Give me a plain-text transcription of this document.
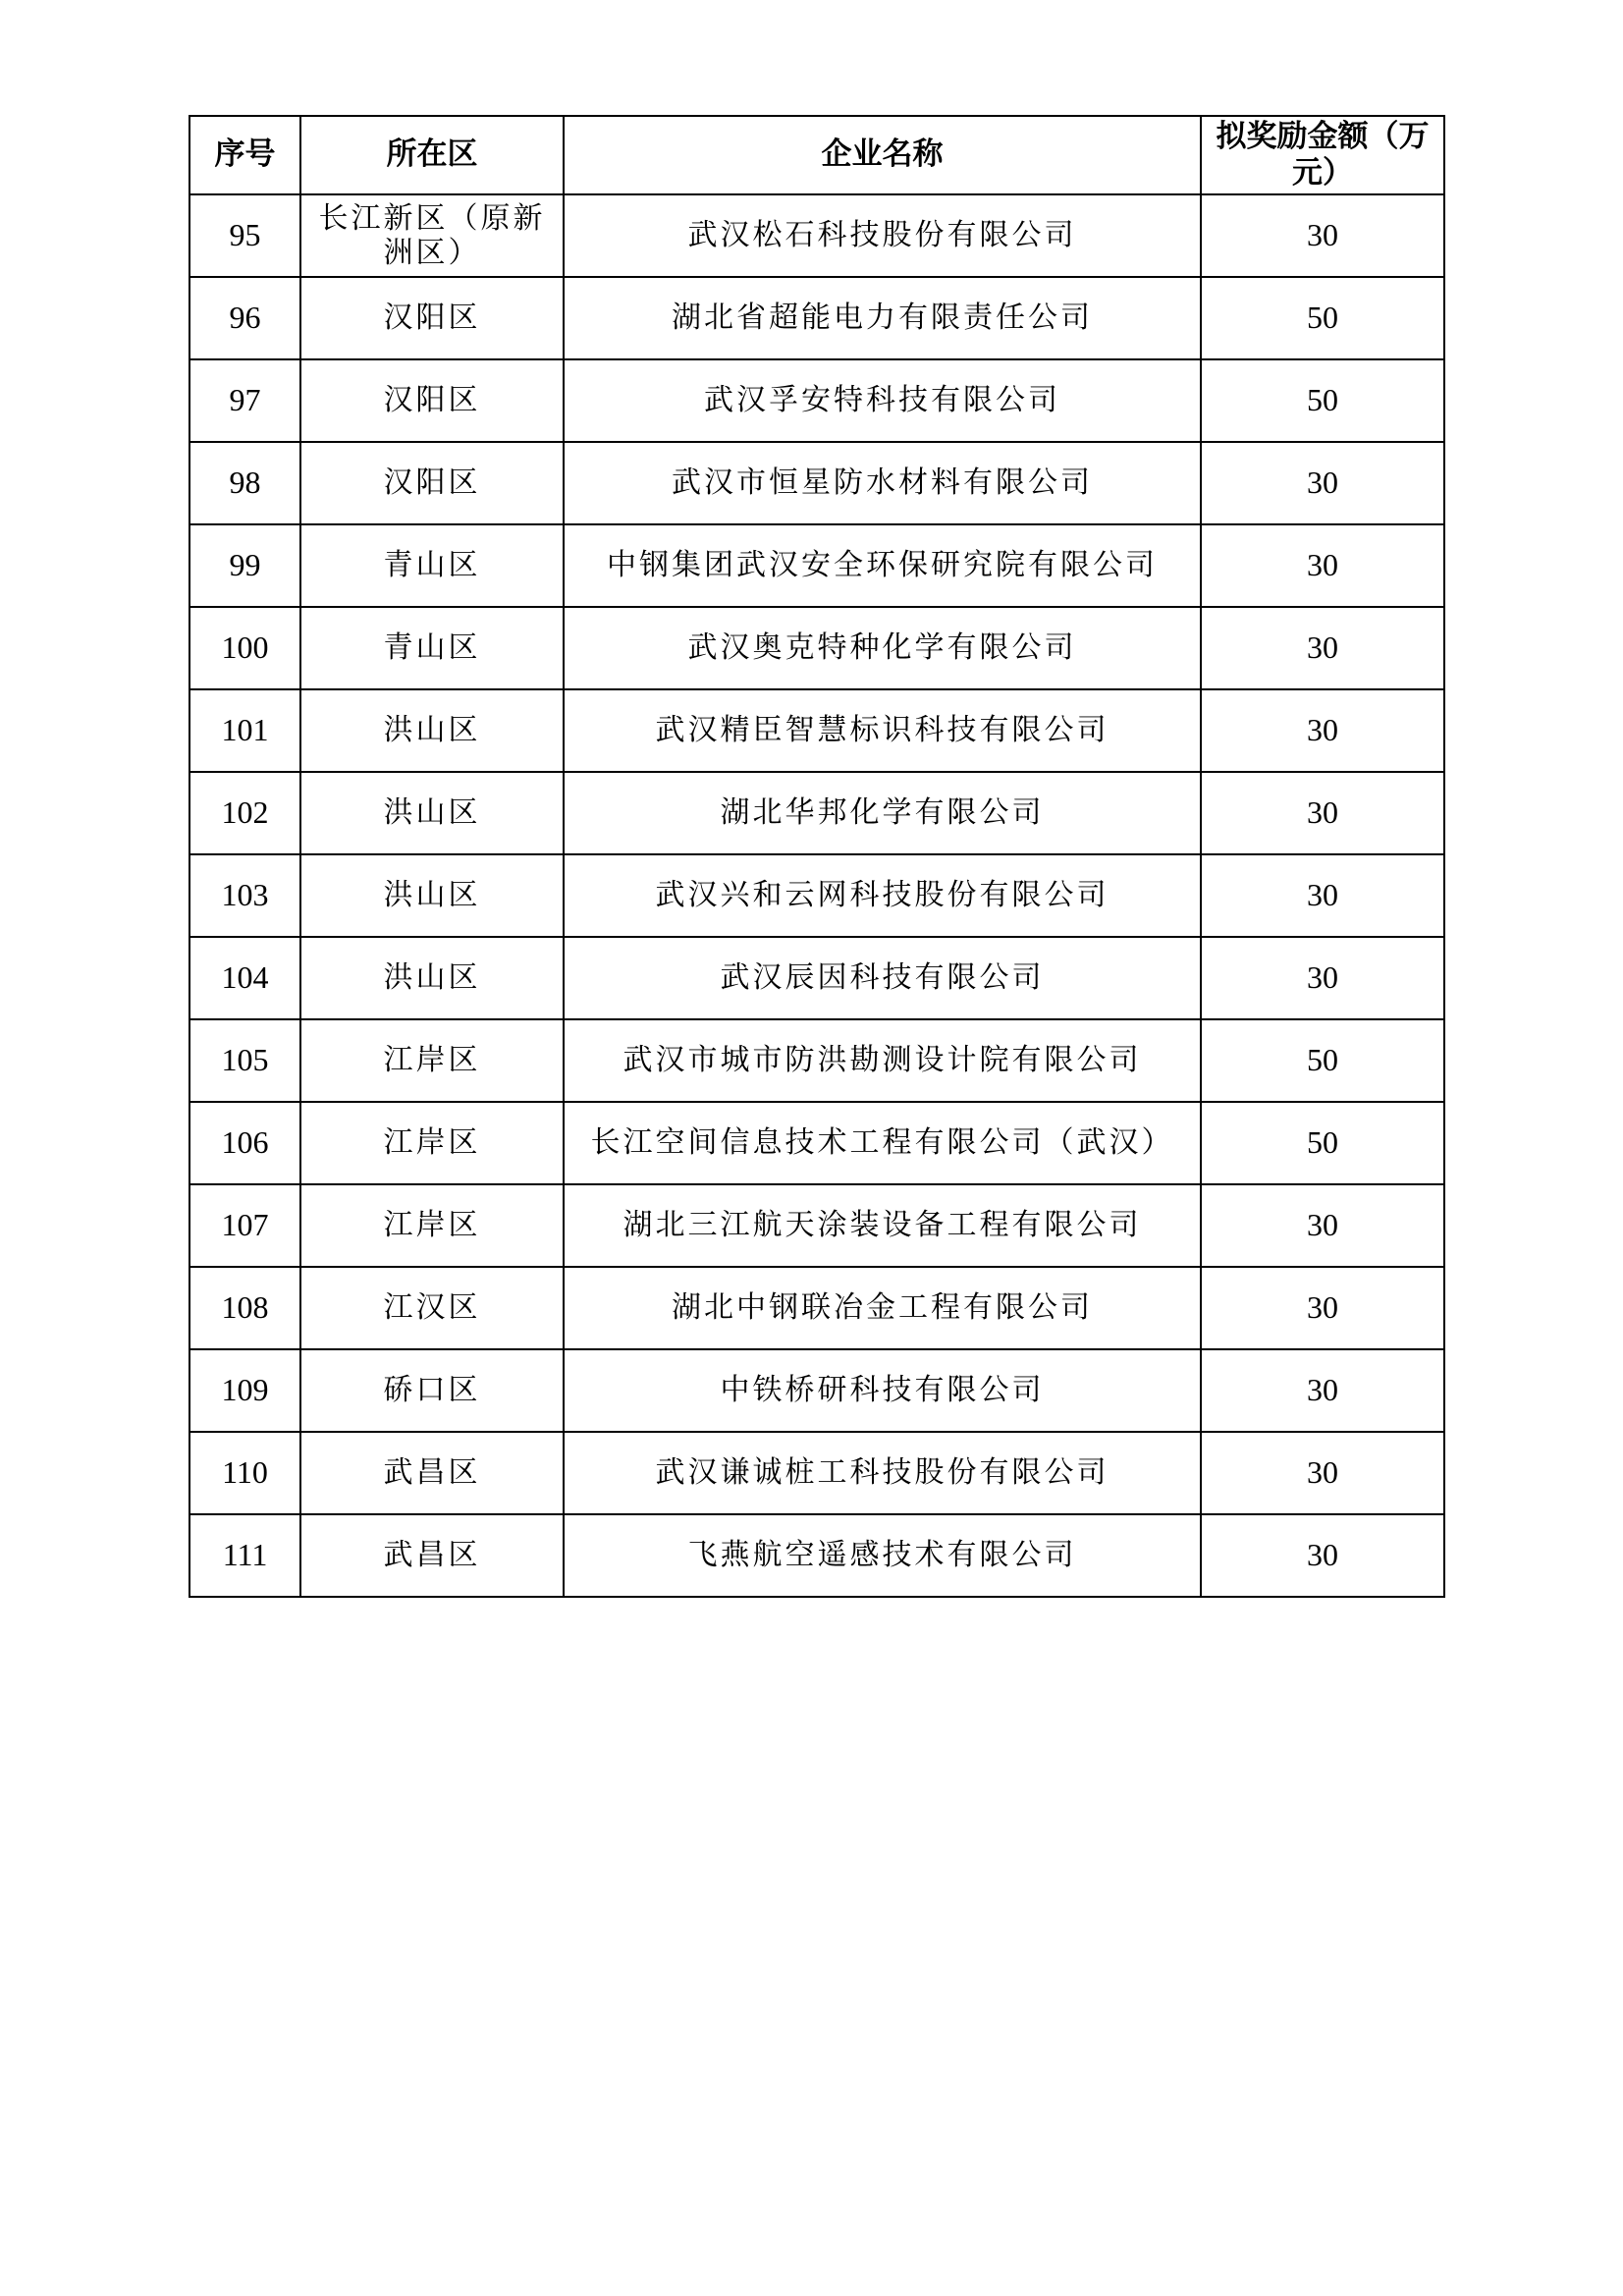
序号	所在区	企业名称	拟奖励金额（万元）
95	长江新区（原新洲区）	武汉松石科技股份有限公司	30
96	汉阳区	湖北省超能电力有限责任公司	50
97	汉阳区	武汉孚安特科技有限公司	50
98	汉阳区	武汉市恒星防水材料有限公司	30
99	青山区	中钢集团武汉安全环保研究院有限公司	30
100	青山区	武汉奥克特种化学有限公司	30
101	洪山区	武汉精臣智慧标识科技有限公司	30
102	洪山区	湖北华邦化学有限公司	30
103	洪山区	武汉兴和云网科技股份有限公司	30
104	洪山区	武汉辰因科技有限公司	30
105	江岸区	武汉市城市防洪勘测设计院有限公司	50
106	江岸区	长江空间信息技术工程有限公司（武汉）	50
107	江岸区	湖北三江航天涂装设备工程有限公司	30
108	江汉区	湖北中钢联冶金工程有限公司	30
109	硚口区	中铁桥研科技有限公司	30
110	武昌区	武汉谦诚桩工科技股份有限公司	30
111	武昌区	飞燕航空遥感技术有限公司	30
